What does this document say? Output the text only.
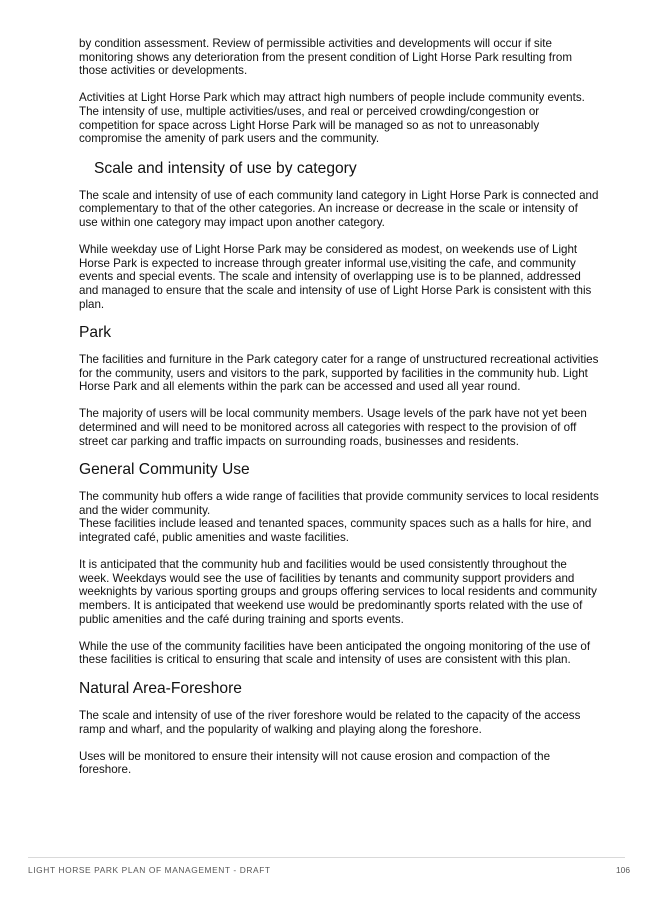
by condition assessment. Review of permissible activities and developments will occur if site monitoring shows any deterioration from the present condition of Light Horse Park resulting from those activities or developments.

Activities at Light Horse Park which may attract high numbers of people include community events. The intensity of use, multiple activities/uses, and real or perceived crowding/congestion or competition for space across Light Horse Park will be managed so as not to unreasonably compromise the amenity of park users and the community.

Scale and intensity of use by category

The scale and intensity of use of each community land category in Light Horse Park is connected and complementary to that of the other categories. An increase or decrease in the scale or intensity of use within one category may impact upon another category.

While weekday use of Light Horse Park may be considered as modest, on weekends use of Light Horse Park is expected to increase through greater informal use,visiting the cafe, and community events and special events. The scale and intensity of overlapping use is to be planned, addressed and managed to ensure that the scale and intensity of use of Light Horse Park is consistent with this plan.

Park

The facilities and furniture in the Park category cater for a range of unstructured recreational activities for the community, users and visitors to the park, supported by facilities in the community hub. Light Horse Park and all elements within the park can be accessed and used all year round.

The majority of users will be local community members. Usage levels of the park have not yet been determined and will need to be monitored across all categories with respect to the provision of off street car parking and traffic impacts on surrounding roads, businesses and residents.

General Community Use

The community hub offers a wide range of facilities that provide community services to local residents and the wider community.

These facilities include leased and tenanted spaces, community spaces such as a halls for hire, and integrated café, public amenities and waste facilities.

It is anticipated that the community hub and facilities would be used consistently throughout the week. Weekdays would see the use of facilities by tenants and community support providers and weeknights by various sporting groups and groups offering services to local residents and community members. It is anticipated that weekend use would be predominantly sports related with the use of public amenities and the café during training and sports events.

While the use of the community facilities have been anticipated the ongoing monitoring of the use of these facilities is critical to ensuring that scale and intensity of uses are consistent with this plan.

Natural Area-Foreshore

The scale and intensity of use of the river foreshore would be related to the capacity of the access ramp and wharf, and the popularity of walking and playing along the foreshore.

Uses will be monitored to ensure their intensity will not cause erosion and compaction of the foreshore.

LIGHT HORSE PARK PLAN OF MANAGEMENT - DRAFT	106
